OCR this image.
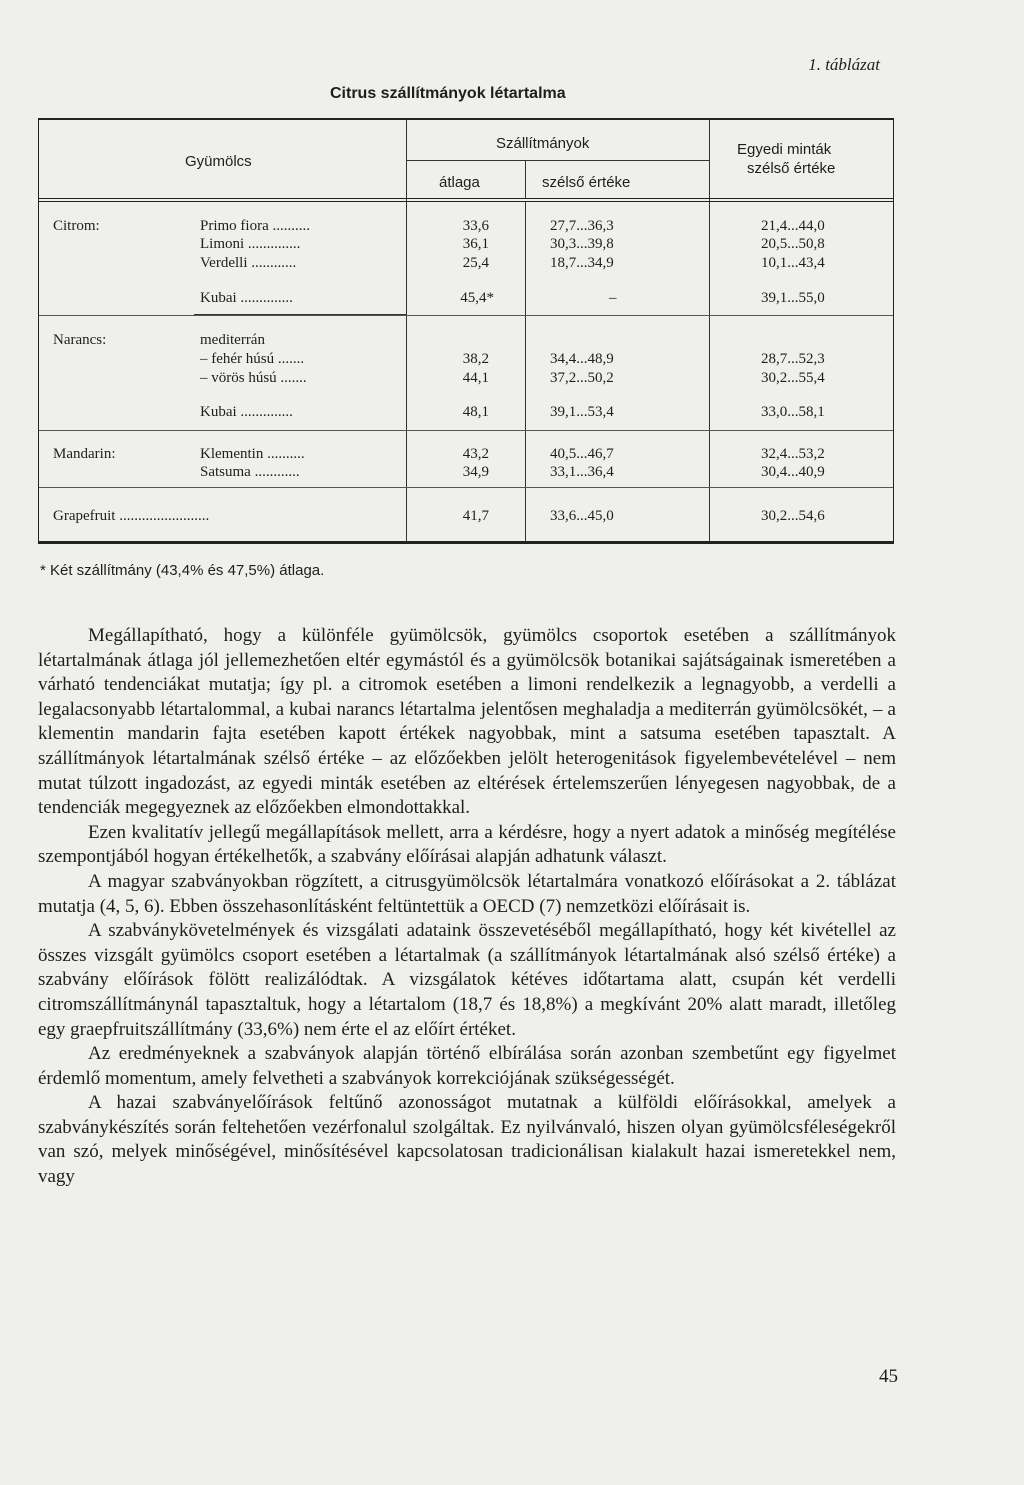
1. táblázat
Citrus szállítmányok létartalma
Gyümölcs
Szállítmányok
átlaga	szélső értéke
Egyedi minták
szélső értéke
Citrom:	Primo fiora ..........	33,6	27,7...36,3	21,4...44,0
Limoni ..............	36,1	30,3...39,8	20,5...50,8
Verdelli ............	25,4	18,7...34,9	10,1...43,4
Kubai ..............	45,4*	–	39,1...55,0
Narancs:	mediterrán
– fehér húsú .......	38,2	34,4...48,9	28,7...52,3
– vörös húsú .......	44,1	37,2...50,2	30,2...55,4
Kubai ..............	48,1	39,1...53,4	33,0...58,1
Mandarin:	Klementin ..........	43,2	40,5...46,7	32,4...53,2
Satsuma ............	34,9	33,1...36,4	30,4...40,9
Grapefruit ........................	41,7	33,6...45,0	30,2...54,6
* Két szállítmány (43,4% és 47,5%) átlaga.

Megállapítható, hogy a különféle gyümölcsök, gyümölcs csoportok esetében a szállítmányok létartalmának átlaga jól jellemezhetően eltér egymástól és a gyümölcsök botanikai sajátságainak ismeretében a várható tendenciákat mutatja; így pl. a citromok esetében a limoni rendelkezik a legnagyobb, a verdelli a legalacsonyabb létartalommal, a kubai narancs létartalma jelentősen meghaladja a mediterrán gyümölcsökét, – a klementin mandarin fajta esetében kapott értékek nagyobbak, mint a satsuma esetében tapasztalt. A szállítmányok létartalmának szélső értéke – az előzőekben jelölt heterogenitások figyelembevételével – nem mutat túlzott ingadozást, az egyedi minták esetében az eltérések értelemszerűen lényegesen nagyobbak, de a tendenciák megegyeznek az előzőekben elmondottakkal.

Ezen kvalitatív jellegű megállapítások mellett, arra a kérdésre, hogy a nyert adatok a minőség megítélése szempontjából hogyan értékelhetők, a szabvány előírásai alapján adhatunk választ.

A magyar szabványokban rögzített, a citrusgyümölcsök létartalmára vonatkozó előírásokat a 2. táblázat mutatja (4, 5, 6). Ebben összehasonlításként feltüntettük a OECD (7) nemzetközi előírásait is.

A szabványkövetelmények és vizsgálati adataink összevetéséből megállapítható, hogy két kivétellel az összes vizsgált gyümölcs csoport esetében a létartalmak (a szállítmányok létartalmának alsó szélső értéke) a szabvány előírások fölött realizálódtak. A vizsgálatok kétéves időtartama alatt, csupán két verdelli citromszállítmánynál tapasztaltuk, hogy a létartalom (18,7 és 18,8%) a megkívánt 20% alatt maradt, illetőleg egy graepfruitszállítmány (33,6%) nem érte el az előírt értéket.

Az eredményeknek a szabványok alapján történő elbírálása során azonban szembetűnt egy figyelmet érdemlő momentum, amely felvetheti a szabványok korrekciójának szükségességét.

A hazai szabványelőírások feltűnő azonosságot mutatnak a külföldi előírásokkal, amelyek a szabványkészítés során feltehetően vezérfonalul szolgáltak. Ez nyilvánvaló, hiszen olyan gyümölcsféleségekről van szó, melyek minőségével, minősítésével kapcsolatosan tradicionálisan kialakult hazai ismeretekkel nem, vagy

45
